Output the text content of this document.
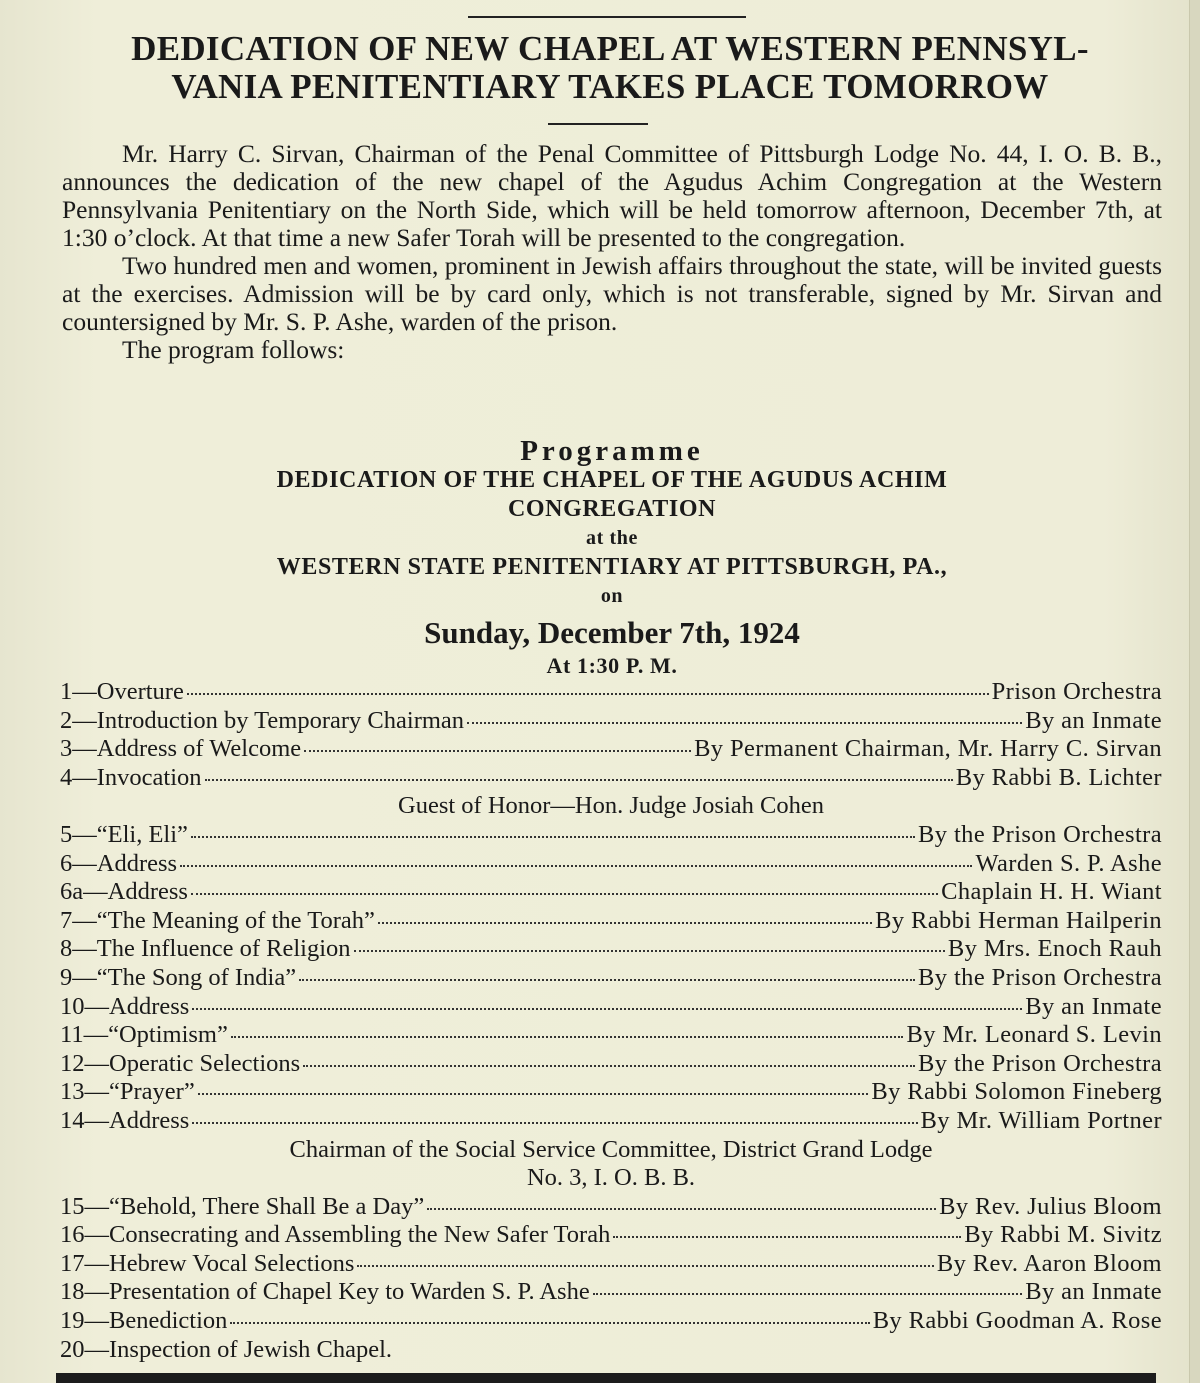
DEDICATION OF NEW CHAPEL AT WESTERN PENNSYL-
VANIA PENITENTIARY TAKES PLACE TOMORROW

Mr. Harry C. Sirvan, Chairman of the Penal Committee of Pittsburgh Lodge No. 44, I. O. B. B., announces the dedication of the new chapel of the Agudus Achim Congregation at the Western Pennsylvania Penitentiary on the North Side, which will be held tomorrow afternoon, December 7th, at 1:30 o’clock. At that time a new Safer Torah will be presented to the congregation.

Two hundred men and women, prominent in Jewish affairs throughout the state, will be invited guests at the exercises. Admission will be by card only, which is not transferable, signed by Mr. Sirvan and countersigned by Mr. S. P. Ashe, warden of the prison.

The program follows:

Programme
DEDICATION OF THE CHAPEL OF THE AGUDUS ACHIM
CONGREGATION
at the
WESTERN STATE PENITENTIARY AT PITTSBURGH, PA.,
on
Sunday, December 7th, 1924
At 1:30 P. M.
1— Overture	Prison Orchestra
2— Introduction by Temporary Chairman	By an Inmate
3— Address of Welcome	By Permanent Chairman, Mr. Harry C. Sirvan
4— Invocation	By Rabbi B. Lichter
Guest of Honor—Hon. Judge Josiah Cohen
5— “Eli, Eli”	By the Prison Orchestra
6— Address	Warden S. P. Ashe
6a— Address	Chaplain H. H. Wiant
7— “The Meaning of the Torah”	By Rabbi Herman Hailperin
8— The Influence of Religion	By Mrs. Enoch Rauh
9— “The Song of India”	By the Prison Orchestra
10— Address	By an Inmate
11— “Optimism”	By Mr. Leonard S. Levin
12— Operatic Selections	By the Prison Orchestra
13— “Prayer”	By Rabbi Solomon Fineberg
14— Address	By Mr. William Portner
Chairman of the Social Service Committee, District Grand Lodge
No. 3, I. O. B. B.
15— “Behold, There Shall Be a Day”	By Rev. Julius Bloom
16— Consecrating and Assembling the New Safer Torah	By Rabbi M. Sivitz
17— Hebrew Vocal Selections	By Rev. Aaron Bloom
18— Presentation of Chapel Key to Warden S. P. Ashe	By an Inmate
19— Benediction	By Rabbi Goodman A. Rose
20— Inspection of Jewish Chapel.
